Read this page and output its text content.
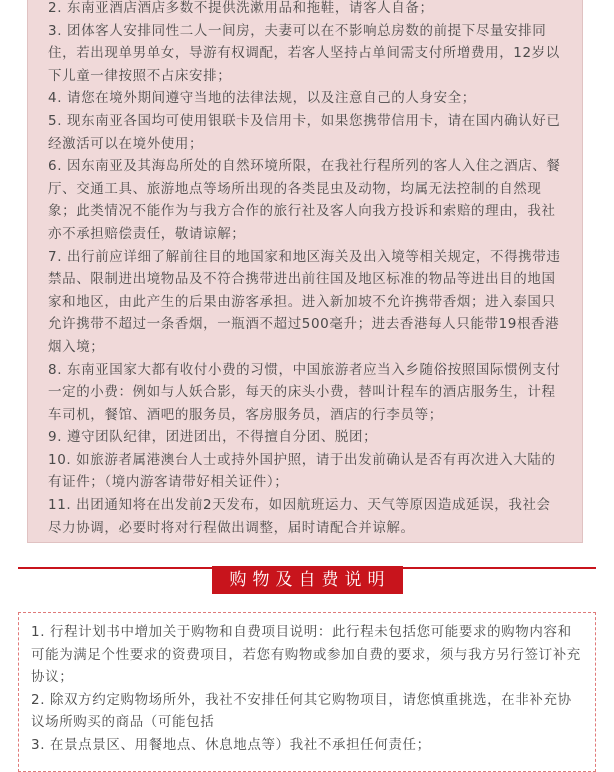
2. 东南亚酒店酒店多数不提供洗漱用品和拖鞋，请客人自备；

3. 团体客人安排同性二人一间房，夫妻可以在不影响总房数的前提下尽量安排同住，若出现单男单女，导游有权调配，若客人坚持占单间需支付所增费用，12岁以下儿童一律按照不占床安排；

4. 请您在境外期间遵守当地的法律法规，以及注意自己的人身安全；

5. 现东南亚各国均可使用银联卡及信用卡，如果您携带信用卡，请在国内确认好已经激活可以在境外使用；

6. 因东南亚及其海岛所处的自然环境所限，在我社行程所列的客人入住之酒店、餐厅、交通工具、旅游地点等场所出现的各类昆虫及动物，均属无法控制的自然现象；此类情况不能作为与我方合作的旅行社及客人向我方投诉和索赔的理由，我社亦不承担赔偿责任，敬请谅解；

7. 出行前应详细了解前往目的地国家和地区海关及出入境等相关规定，不得携带违禁品、限制进出境物品及不符合携带进出前往国及地区标准的物品等进出目的地国家和地区，由此产生的后果由游客承担。进入新加坡不允许携带香烟；进入泰国只允许携带不超过一条香烟，一瓶酒不超过500毫升；进去香港每人只能带19根香港烟入境；

8. 东南亚国家大都有收付小费的习惯，中国旅游者应当入乡随俗按照国际惯例支付一定的小费：例如与人妖合影，每天的床头小费，替叫计程车的酒店服务生，计程车司机，餐馆、酒吧的服务员，客房服务员，酒店的行李员等；

9. 遵守团队纪律，团进团出，不得擅自分团、脱团；

10. 如旅游者属港澳台人士或持外国护照，请于出发前确认是否有再次进入大陆的有证件；（境内游客请带好相关证件）；

11. 出团通知将在出发前2天发布，如因航班运力、天气等原因造成延误，我社会尽力协调，必要时将对行程做出调整，届时请配合并谅解。

购物及自费说明

1. 行程计划书中增加关于购物和自费项目说明：此行程未包括您可能要求的购物内容和可能为满足个性要求的资费项目，若您有购物或参加自费的要求，须与我方另行签订补充协议；

2. 除双方约定购物场所外，我社不安排任何其它购物项目，请您慎重挑选，在非补充协议场所购买的商品（可能包括

3. 在景点景区、用餐地点、休息地点等）我社不承担任何责任；
